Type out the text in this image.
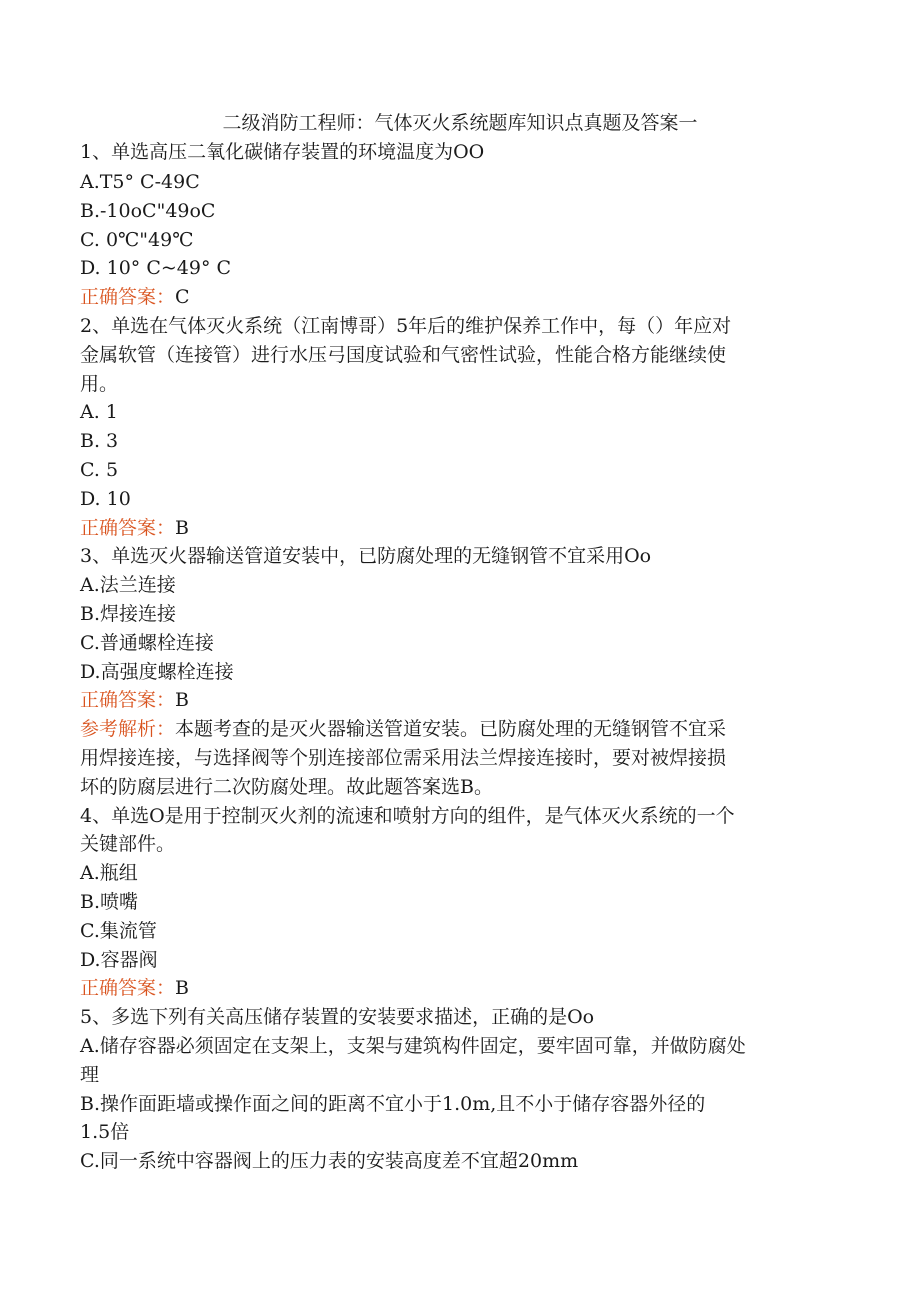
二级消防工程师：气体灭火系统题库知识点真题及答案一
1、单选高压二氧化碳储存装置的环境温度为OO
A.T5° C-49C
B.-10oC"49oC
C. 0℃"49℃
D. 10° C~49° C
正确答案：C
2、单选在气体灭火系统（江南博哥）5年后的维护保养工作中，每（）年应对
金属软管（连接管）进行水压弓国度试验和气密性试验，性能合格方能继续使
用。
A. 1
B. 3
C. 5
D. 10
正确答案：B
3、单选灭火器输送管道安装中，已防腐处理的无缝钢管不宜采用Oo
A.法兰连接
B.焊接连接
C.普通螺栓连接
D.高强度螺栓连接
正确答案：B
参考解析：本题考查的是灭火器输送管道安装。已防腐处理的无缝钢管不宜采
用焊接连接，与选择阀等个别连接部位需采用法兰焊接连接时，要对被焊接损
坏的防腐层进行二次防腐处理。故此题答案选B。
4、单选O是用于控制灭火剂的流速和喷射方向的组件，是气体灭火系统的一个
关键部件。
A.瓶组
B.喷嘴
C.集流管
D.容器阀
正确答案：B
5、多选下列有关高压储存装置的安装要求描述，正确的是Oo
A.储存容器必须固定在支架上，支架与建筑构件固定，要牢固可靠，并做防腐处
理
B.操作面距墙或操作面之间的距离不宜小于1.0m,且不小于储存容器外径的
1.5倍
C.同一系统中容器阀上的压力表的安装高度差不宜超20mm
